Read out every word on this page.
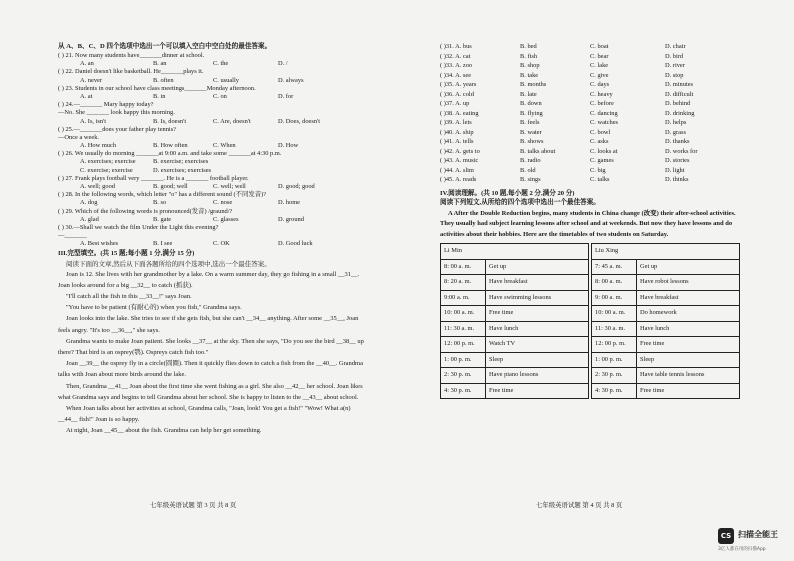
从 A、B、C、D 四个选项中选出一个可以填入空白中空白处的最佳答案。
( ) 21. Now many students have_______dinner at school.
A. an	B. an	C. the	D. /
( ) 22. Daniel doesn't like basketball. He_______plays it.
A. never	B. often	C. usually	D. always
( ) 23. Students in our school have class meetings_______Monday afternoon.
A. at	B. in	C. on	D. for
( ) 24.—_______ Mary happy today?
—No. She _______ look happy this morning.
A. Is, isn't	B. Is, doesn't	C. Are, doesn't	D. Does, doesn't
( ) 25.—_______does your father play tennis?
—Once a week.
A. How much	B. How often	C. When	D. How
( ) 26. We usually do morning _______at 9:00 a.m. and take some _______at 4:30 p.m.
A. exercises; exercise	B. exercise; exercises
C. exercise; exercise	D. exercises; exercises
( ) 27. Frank plays football very _______. He is a _______ football player.
A. well; good	B. good; well	C. well; well	D. good; good
( ) 28. In the following words, which letter "o" has a different sound (不同发音)?
A. dog	B. so	C. nose	D. home
( ) 29. Which of the following words is pronounced(发音) /graund/?
A. glad	B. gate	C. glasses	D. ground
( ) 30.—Shall we watch the film Under the Light this evening?
—_______
A. Best wishes	B. I see	C. OK	D. Good luck
III.完型填空。(共 15 题;每小题 1 分,满分 15 分)

阅读下面的文章,然后从下面各题所给的四个选项中,选出一个最佳答案。

Joan is 12. She lives with her grandmother by a lake. On a warm summer day, they go fishing in a small __31__. Joan looks around for a big __32__ to catch (抓获).

"I'll catch all the fish in this __33__!" says Joan.

"You have to be patient (有耐心的) when you fish," Grandma says.

Joan looks into the lake. She tries to see if she gets fish, but she can't __34__ anything. After some __35__, Joan feels angry. "It's too __36__," she says.

Grandma wants to make Joan patient. She looks __37__ at the sky. Then she says, "Do you see the bird __38__ up there? That bird is an osprey(鹗). Ospreys catch fish too."

Joan __39__ the osprey fly in a circle(圆圈). Then it quickly flies down to catch a fish from the __40__. Grandma talks with Joan about more birds around the lake.

Then, Grandma __41__ Joan about the first time she went fishing as a girl. She also __42__ her school. Joan likes what Grandma says and begins to tell Grandma about her school. She is happy to listen to the __43__ about school.

When Joan talks about her activities at school, Grandma calls, "Joan, look! You get a fish!" "Wow! What a(n) __44__ fish!" Joan is so happy.

At night, Joan __45__ about the fish. Grandma can help her get something.

七年级英语试题 第 3 页 共 8 页
( )31. A. bus	B. bed	C. boat	D. chair
( )32. A. cat	B. fish	C. bear	D. bird
( )33. A. zoo	B. shop	C. lake	D. river
( )34. A. see	B. take	C. give	D. stop
( )35. A. years	B. months	C. days	D. minutes
( )36. A. cold	B. late	C. heavy	D. difficult
( )37. A. up	B. down	C. before	D. behind
( )38. A. eating	B. flying	C. dancing	D. drinking
( )39. A. lets	B. feels	C. watches	D. helps
( )40. A. ship	B. water	C. bowl	D. grass
( )41. A. tells	B. shows	C. asks	D. thanks
( )42. A. gets to	B. talks about	C. looks at	D. works for
( )43. A. music	B. radio	C. games	D. stories
( )44. A. slim	B. old	C. big	D. light
( )45. A. reads	B. sings	C. talks	D. thinks
IV.阅读理解。(共 10 题,每小题 2 分,满分 20 分)
阅读下列短文,从所给的四个选项中选出一个最佳答案。

A After the Double Reduction begins, many students in China change (改变) their after-school activities. They usually had subject learning lessons after school and at weekends. But now they have lessons and do activities about their hobbies. Here are the timetables of two students on Saturday.

Li Min			Liu Xing	
8: 00 a. m.	Get up		7: 45 a. m.	Get up
8: 20 a. m.	Have breakfast		8: 00 a. m.	Have robot lessons
9:00 a. m.	Have swimming lessons		9: 00 a. m.	Have breakfast
10: 00 a. m.	Free time		10: 00 a. m.	Do homework
11: 30 a. m.	Have lunch		11: 30 a. m.	Have lunch
12: 00 p. m.	Watch TV		12: 00 p. m.	Free time
1: 00 p. m.	Sleep		1: 00 p. m.	Sleep
2: 30 p. m.	Have piano lessons		2: 30 p. m.	Have table tennis lessons
4: 30 p. m.	Free time		4: 30 p. m.	Free time
七年级英语试题 第 4 页 共 8 页
CS 扫描全能王
3亿人都在用的扫描App
